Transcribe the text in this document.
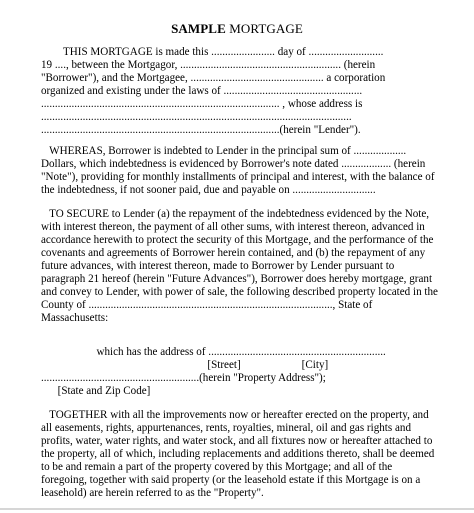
SAMPLE MORTGAGE
THIS MORTGAGE is made this ....................... day of ...........................
19 ...., between the Mortgagor, .......................................................... (herein
"Borrower"), and the Mortgagee, ................................................ a corporation
organized and existing under the laws of ..................................................
...................................................................................... , whose address is
................................................................................................................
......................................................................................(herein "Lender").
WHEREAS, Borrower is indebted to Lender in the principal sum of ...................
Dollars, which indebtedness is evidenced by Borrower's note dated .................. (herein
"Note"), providing for monthly installments of principal and interest, with the balance of
the indebtedness, if not sooner paid, due and payable on ..............................
TO SECURE to Lender (a) the repayment of the indebtedness evidenced by the Note,
with interest thereon, the payment of all other sums, with interest thereon, advanced in
accordance herewith to protect the security of this Mortgage, and the performance of the
covenants and agreements of Borrower herein contained, and (b) the repayment of any
future advances, with interest thereon, made to Borrower by Lender pursuant to
paragraph 21 hereof (herein "Future Advances"), Borrower does hereby mortgage, grant
and convey to Lender, with power of sale, the following described property located in the
County of ........................................................................................, State of
Massachusetts:
which has the address of ................................................................
[Street]                      [City]
.........................................................(herein "Property Address");
[State and Zip Code]
TOGETHER with all the improvements now or hereafter erected on the property, and
all easements, rights, appurtenances, rents, royalties, mineral, oil and gas rights and
profits, water, water rights, and water stock, and all fixtures now or hereafter attached to
the property, all of which, including replacements and additions thereto, shall be deemed
to be and remain a part of the property covered by this Mortgage; and all of the
foregoing, together with said property (or the leasehold estate if this Mortgage is on a
leasehold) are herein referred to as the "Property".
